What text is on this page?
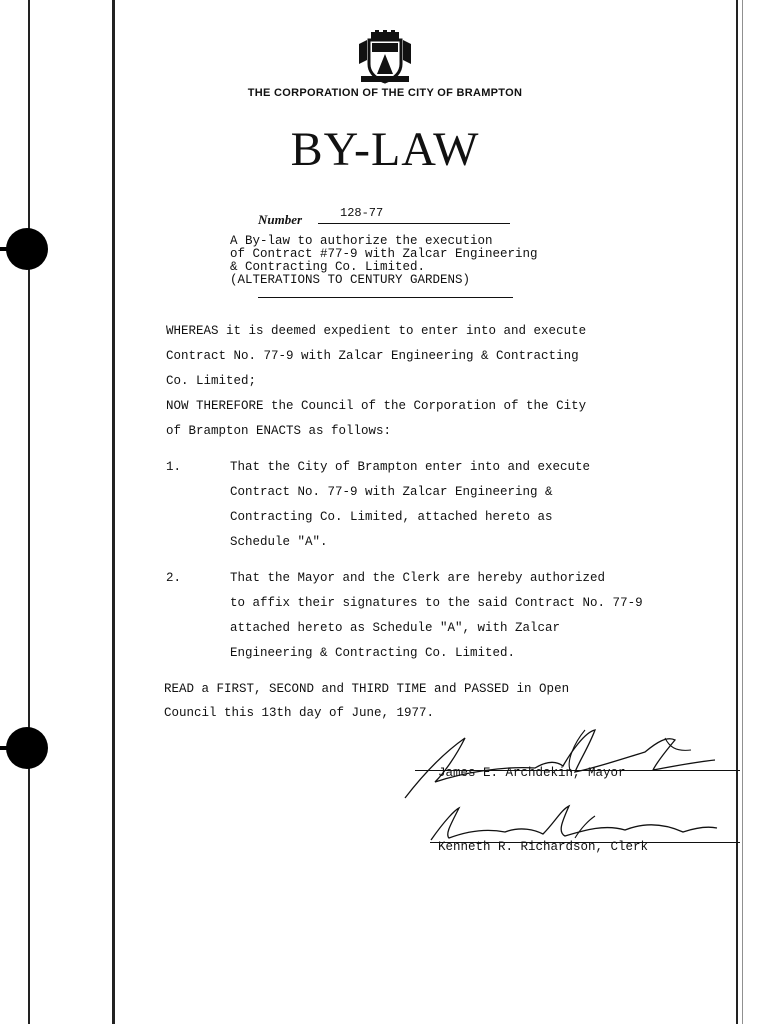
THE CORPORATION OF THE CITY OF BRAMPTON
BY-LAW
Number	128-77
A By-law to authorize the execution
of Contract #77-9 with Zalcar Engineering
& Contracting Co. Limited.
(ALTERATIONS TO CENTURY GARDENS)
WHEREAS it is deemed expedient to enter into and execute
Contract No. 77-9 with Zalcar Engineering & Contracting
Co. Limited;
NOW THEREFORE the Council of the Corporation of the City
of Brampton ENACTS as follows:
1.	That the City of Brampton enter into and execute
Contract No. 77-9 with Zalcar Engineering &
Contracting Co. Limited, attached hereto as
Schedule "A".
2.	That the Mayor and the Clerk are hereby authorized
to affix their signatures to the said Contract No. 77-9
attached hereto as Schedule "A", with Zalcar
Engineering & Contracting Co. Limited.
READ a FIRST, SECOND and THIRD TIME and PASSED in Open
Council this 13th day of June, 1977.
James E. Archdekin, Mayor
Kenneth R. Richardson, Clerk
